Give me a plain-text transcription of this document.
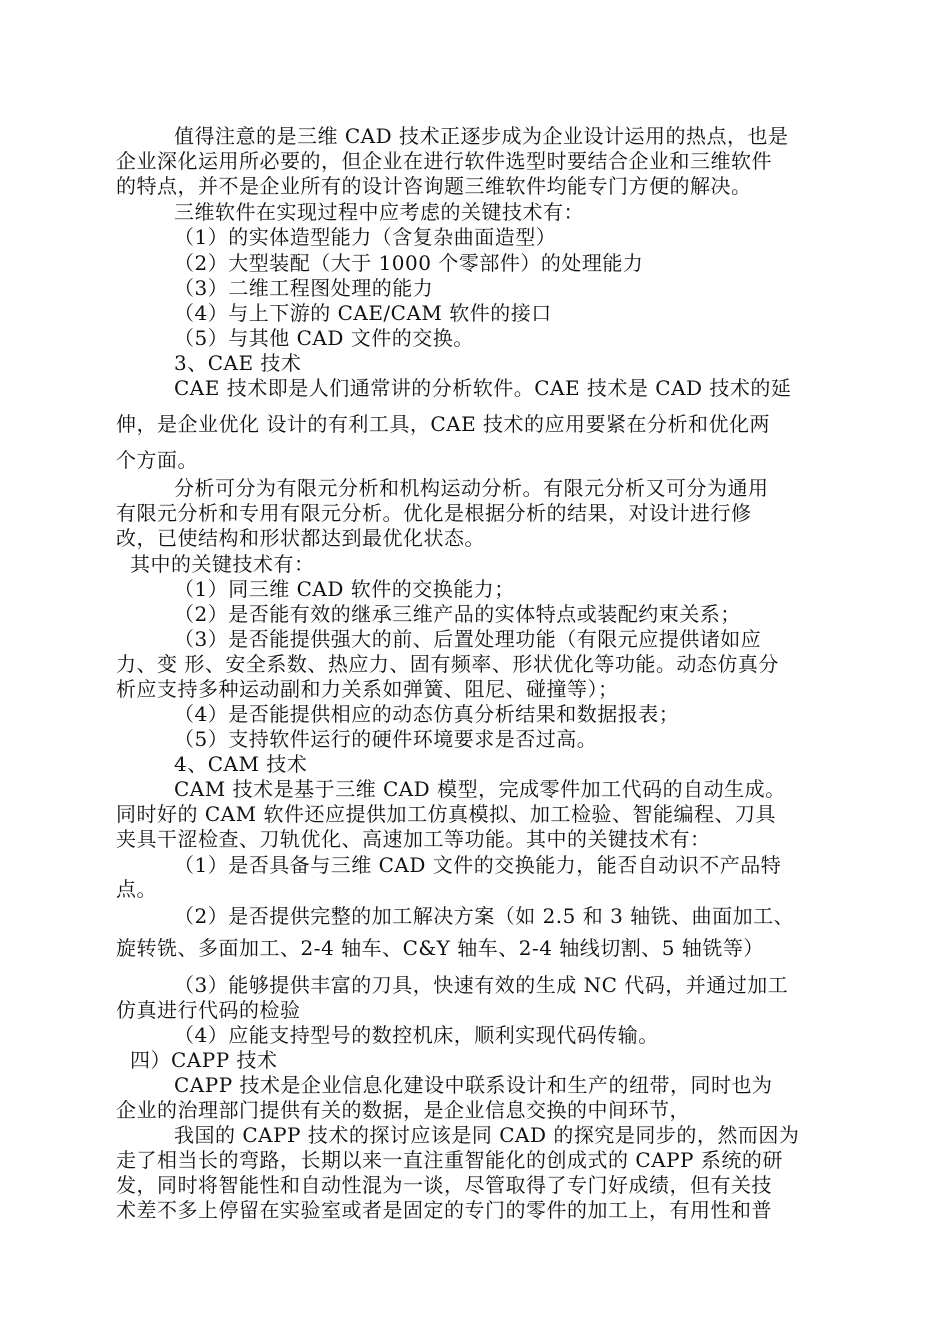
值得注意的是三维 CAD 技术正逐步成为企业设计运用的热点，也是
企业深化运用所必要的，但企业在进行软件选型时要结合企业和三维软件
的特点，并不是企业所有的设计咨询题三维软件均能专门方便的解决。
三维软件在实现过程中应考虑的关键技术有：
（1）的实体造型能力（含复杂曲面造型）
（2）大型装配（大于 1000 个零部件）的处理能力
（3）二维工程图处理的能力
（4）与上下游的 CAE/CAM 软件的接口
（5）与其他 CAD 文件的交换。
3、CAE 技术
CAE 技术即是人们通常讲的分析软件。CAE 技术是 CAD 技术的延
伸，是企业优化 设计的有利工具，CAE 技术的应用要紧在分析和优化两
个方面。
分析可分为有限元分析和机构运动分析。有限元分析又可分为通用
有限元分析和专用有限元分析。优化是根据分析的结果，对设计进行修
改，已使结构和形状都达到最优化状态。
其中的关键技术有：
（1）同三维 CAD 软件的交换能力；
（2）是否能有效的继承三维产品的实体特点或装配约束关系；
（3）是否能提供强大的前、后置处理功能（有限元应提供诸如应
力、变 形、安全系数、热应力、固有频率、形状优化等功能。动态仿真分
析应支持多种运动副和力关系如弹簧、阻尼、碰撞等）；
（4）是否能提供相应的动态仿真分析结果和数据报表；
（5）支持软件运行的硬件环境要求是否过高。
4、CAM 技术
CAM 技术是基于三维 CAD 模型，完成零件加工代码的自动生成。
同时好的 CAM 软件还应提供加工仿真模拟、加工检验、智能编程、刀具
夹具干涩检查、刀轨优化、高速加工等功能。其中的关键技术有：
（1）是否具备与三维 CAD 文件的交换能力，能否自动识不产品特
点。
（2）是否提供完整的加工解决方案（如 2.5 和 3 轴铣、曲面加工、
旋转铣、多面加工、2-4 轴车、C&Y 轴车、2-4 轴线切割、5 轴铣等）
（3）能够提供丰富的刀具，快速有效的生成 NC 代码，并通过加工
仿真进行代码的检验
（4）应能支持型号的数控机床，顺利实现代码传输。
四）CAPP 技术
CAPP 技术是企业信息化建设中联系设计和生产的纽带，同时也为
企业的治理部门提供有关的数据，是企业信息交换的中间环节，
我国的 CAPP 技术的探讨应该是同 CAD 的探究是同步的，然而因为
走了相当长的弯路，长期以来一直注重智能化的创成式的 CAPP 系统的研
发，同时将智能性和自动性混为一谈，尽管取得了专门好成绩，但有关技
术差不多上停留在实验室或者是固定的专门的零件的加工上，有用性和普
